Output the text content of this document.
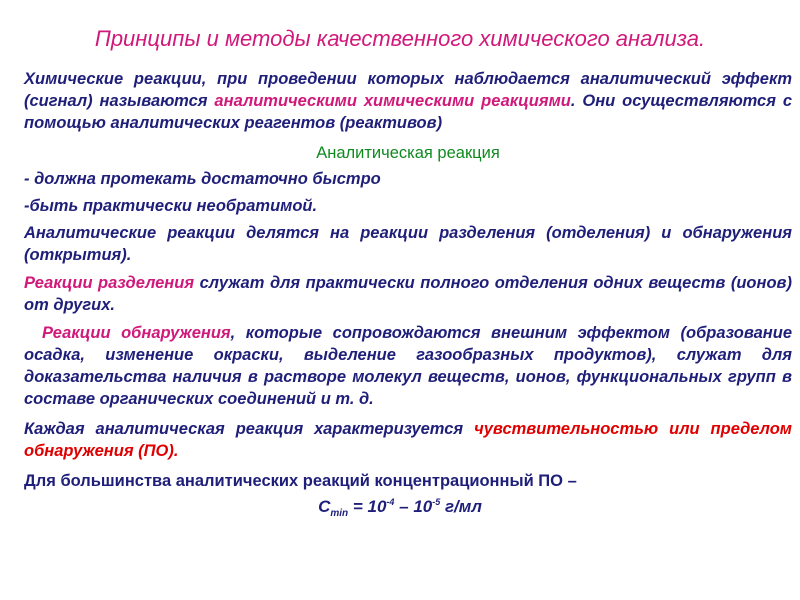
Принципы и методы качественного химического анализа.
Химические реакции, при проведении которых наблюдается аналитический эффект (сигнал) называются аналитическими химическими реакциями. Они осуществляются с помощью аналитических реагентов (реактивов)
Аналитическая реакция
- должна протекать достаточно быстро
-быть практически необратимой.
Аналитические реакции делятся на реакции разделения (отделения) и обнаружения (открытия).
Реакции разделения служат для практически полного отделения одних веществ (ионов) от других.
Реакции обнаружения, которые сопровождаются внешним эффектом (образование осадка, изменение окраски, выделение газообразных продуктов), служат для доказательства наличия в растворе молекул веществ, ионов, функциональных групп в составе органических соединений и т. д.
Каждая аналитическая реакция характеризуется чувствительностью или пределом обнаружения (ПО).
Для большинства аналитических реакций концентрационный ПО –
$C_{min} = 10^{-4} - 10^{-5}$ г/мл
